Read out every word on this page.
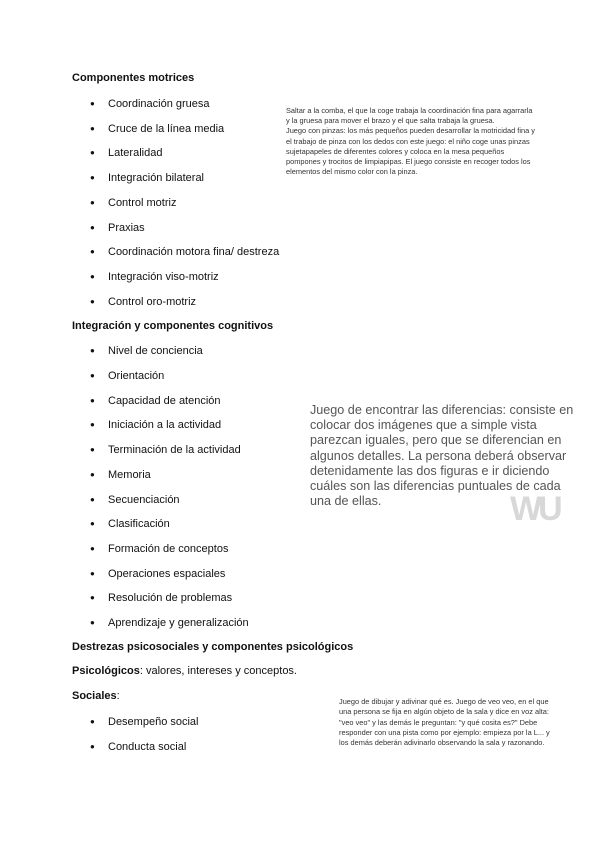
Componentes motrices
Coordinación gruesa
Cruce de la línea media
Lateralidad
Integración bilateral
Control motriz
Praxias
Coordinación motora fina/ destreza
Integración viso-motriz
Control oro-motriz
Integración y componentes cognitivos
Nivel de conciencia
Orientación
Capacidad de atención
Iniciación a la actividad
Terminación de la actividad
Memoria
Secuenciación
Clasificación
Formación de conceptos
Operaciones espaciales
Resolución de problemas
Aprendizaje y generalización
Destrezas psicosociales y componentes psicológicos
Psicológicos: valores, intereses y conceptos.
Sociales:
Desempeño social
Conducta social

Saltar a la comba, el que la coge trabaja la coordinación fina para agarrarla y la gruesa para mover el brazo y el que salta trabaja la gruesa.

Juego con pinzas: los más pequeños pueden desarrollar la motricidad fina y el trabajo de pinza con los dedos con este juego: el niño coge unas pinzas sujetapapeles de diferentes colores y coloca en la mesa pequeños pompones y trocitos de limpiapipas. El juego consiste en recoger todos los elementos del mismo color con la pinza.

Juego de encontrar las diferencias: consiste en colocar dos imágenes que a simple vista parezcan iguales, pero que se diferencian en algunos detalles. La persona deberá observar detenidamente las dos figuras e ir diciendo cuáles son las diferencias puntuales de cada una de ellas.	WU
Juego de dibujar y adivinar qué es. Juego de veo veo, en el que una persona se fija en algún objeto de la sala y dice en voz alta: "veo veo" y las demás le preguntan: "y qué cosita es?" Debe responder con una pista como por ejemplo: empieza por la L... y los demás deberán adivinarlo observando la sala y razonando.
